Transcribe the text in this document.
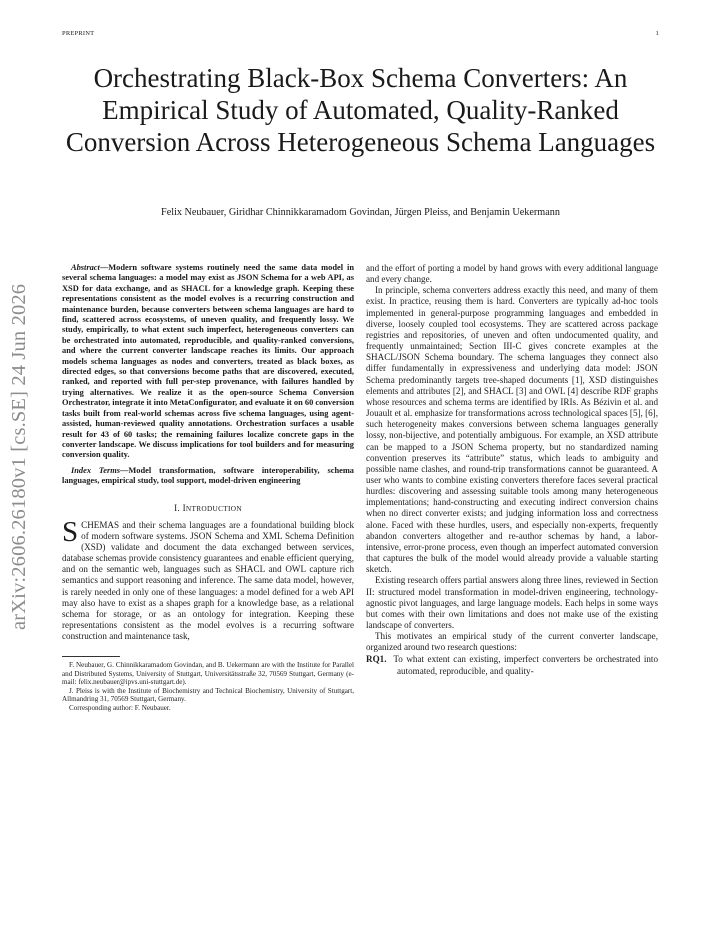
PREPRINT	1
Orchestrating Black-Box Schema Converters: An Empirical Study of Automated, Quality-Ranked Conversion Across Heterogeneous Schema Languages
Felix Neubauer, Giridhar Chinnikkaramadom Govindan, Jürgen Pleiss, and Benjamin Uekermann
arXiv:2606.26180v1 [cs.SE] 24 Jun 2026

Abstract—Modern software systems routinely need the same data model in several schema languages: a model may exist as JSON Schema for a web API, as XSD for data exchange, and as SHACL for a knowledge graph. Keeping these representations consistent as the model evolves is a recurring construction and maintenance burden, because converters between schema languages are hard to find, scattered across ecosystems, of uneven quality, and frequently lossy. We study, empirically, to what extent such imperfect, heterogeneous converters can be orchestrated into automated, reproducible, and quality-ranked conversions, and where the current converter landscape reaches its limits. Our approach models schema languages as nodes and converters, treated as black boxes, as directed edges, so that conversions become paths that are discovered, executed, ranked, and reported with full per-step provenance, with failures handled by trying alternatives. We realize it as the open-source Schema Conversion Orchestrator, integrate it into MetaConfigurator, and evaluate it on 60 conversion tasks built from real-world schemas across five schema languages, using agent-assisted, human-reviewed quality annotations. Orchestration surfaces a usable result for 43 of 60 tasks; the remaining failures localize concrete gaps in the converter landscape. We discuss implications for tool builders and for measuring conversion quality.

Index Terms—Model transformation, software interoperability, schema languages, empirical study, tool support, model-driven engineering

I. INTRODUCTION

SCHEMAS and their schema languages are a foundational building block of modern software systems. JSON Schema and XML Schema Definition (XSD) validate and document the data exchanged between services, database schemas provide consistency guarantees and enable efficient querying, and on the semantic web, languages such as SHACL and OWL capture rich semantics and support reasoning and inference. The same data model, however, is rarely needed in only one of these languages: a model defined for a web API may also have to exist as a shapes graph for a knowledge base, as a relational schema for storage, or as an ontology for integration. Keeping these representations consistent as the model evolves is a recurring software construction and maintenance task,

F. Neubauer, G. Chinnikkaramadom Govindan, and B. Uekermann are with the Institute for Parallel and Distributed Systems, University of Stuttgart, Universitätsstraße 32, 70569 Stuttgart, Germany (e-mail: felix.neubauer@ipvs.uni-stuttgart.de).

J. Pleiss is with the Institute of Biochemistry and Technical Biochemistry, University of Stuttgart, Allmandring 31, 70569 Stuttgart, Germany.

Corresponding author: F. Neubauer.

and the effort of porting a model by hand grows with every additional language and every change.

In principle, schema converters address exactly this need, and many of them exist. In practice, reusing them is hard. Converters are typically ad-hoc tools implemented in general-purpose programming languages and embedded in diverse, loosely coupled tool ecosystems. They are scattered across package registries and repositories, of uneven and often undocumented quality, and frequently unmaintained; Section III-C gives concrete examples at the SHACL/JSON Schema boundary. The schema languages they connect also differ fundamentally in expressiveness and underlying data model: JSON Schema predominantly targets tree-shaped documents [1], XSD distinguishes elements and attributes [2], and SHACL [3] and OWL [4] describe RDF graphs whose resources and schema terms are identified by IRIs. As Bézivin et al. and Jouault et al. emphasize for transformations across technological spaces [5], [6], such heterogeneity makes conversions between schema languages generally lossy, non-bijective, and potentially ambiguous. For example, an XSD attribute can be mapped to a JSON Schema property, but no standardized naming convention preserves its “attribute” status, which leads to ambiguity and possible name clashes, and round-trip transformations cannot be guaranteed. A user who wants to combine existing converters therefore faces several practical hurdles: discovering and assessing suitable tools among many heterogeneous implementations; hand-constructing and executing indirect conversion chains when no direct converter exists; and judging information loss and correctness alone. Faced with these hurdles, users, and especially non-experts, frequently abandon converters altogether and re-author schemas by hand, a labor-intensive, error-prone process, even though an imperfect automated conversion that captures the bulk of the model would already provide a valuable starting sketch.

Existing research offers partial answers along three lines, reviewed in Section II: structured model transformation in model-driven engineering, technology-agnostic pivot languages, and large language models. Each helps in some ways but comes with their own limitations and does not make use of the existing landscape of converters.

This motivates an empirical study of the current converter landscape, organized around two research questions:

RQ1. To what extent can existing, imperfect converters be orchestrated into automated, reproducible, and quality-
